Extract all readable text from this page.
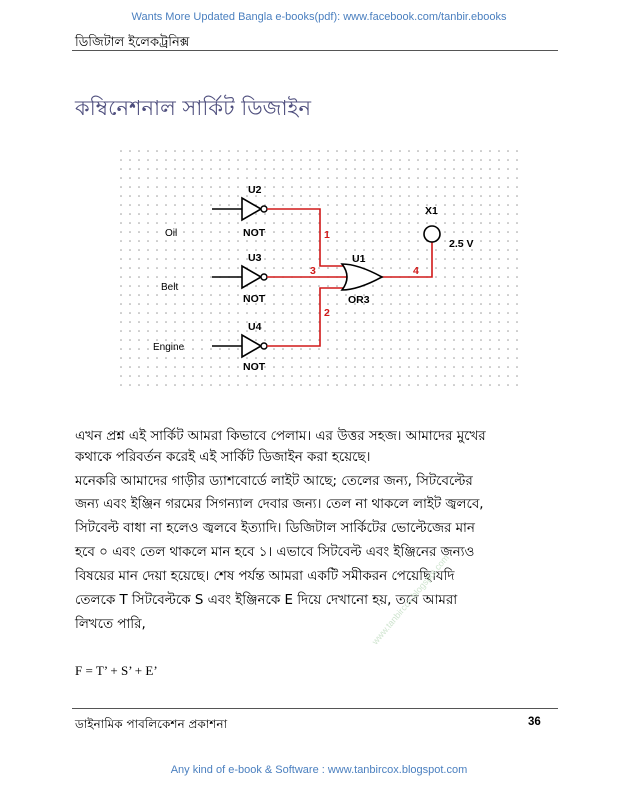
Wants More Updated Bangla e-books(pdf): www.facebook.com/tanbir.ebooks
ডিজিটাল ইলেকট্রনিক্স
কম্বিনেশনাল সার্কিট ডিজাইন
U2
NOT
U3
NOT
U4
NOT
Oil
Belt
Engine
1
2
3	4
U1
OR3
X1
2.5 V
এখন প্রশ্ন এই সার্কিট আমরা কিভাবে পেলাম। এর উত্তর সহজ। আমাদের মুখের
কথাকে পরিবর্তন করেই এই সার্কিট ডিজাইন করা হয়েছে।
মনেকরি আমাদের গাড়ীর ড্যাশবোর্ডে লাইট আছে; তেলের জন্য, সিটবেল্টের
জন্য এবং ইঞ্জিন গরমের সিগন্যাল দেবার জন্য। তেল না থাকলে লাইট জ্বলবে,
সিটবেল্ট বাধা না হলেও জ্বলবে ইত্যাদি। ডিজিটাল সার্কিটের ভোল্টেজের মান
হবে ০ এবং তেল থাকলে মান হবে ১। এভাবে সিটবেল্ট এবং ইঞ্জিনের জন্যও
বিষয়ের মান দেয়া হয়েছে। শেষ পর্যন্ত আমরা একটি সমীকরন পেয়েছি।যদি
তেলকে T সিটবেল্টকে S এবং ইঞ্জিনকে E দিয়ে দেখানো হয়, তবে আমরা
লিখতে পারি,
F = T’ + S’ + E’
www.tanbircox.blogspot.com
ডাইনামিক পাবলিকেশন প্রকাশনা	36
Any kind of e-book & Software : www.tanbircox.blogspot.com
